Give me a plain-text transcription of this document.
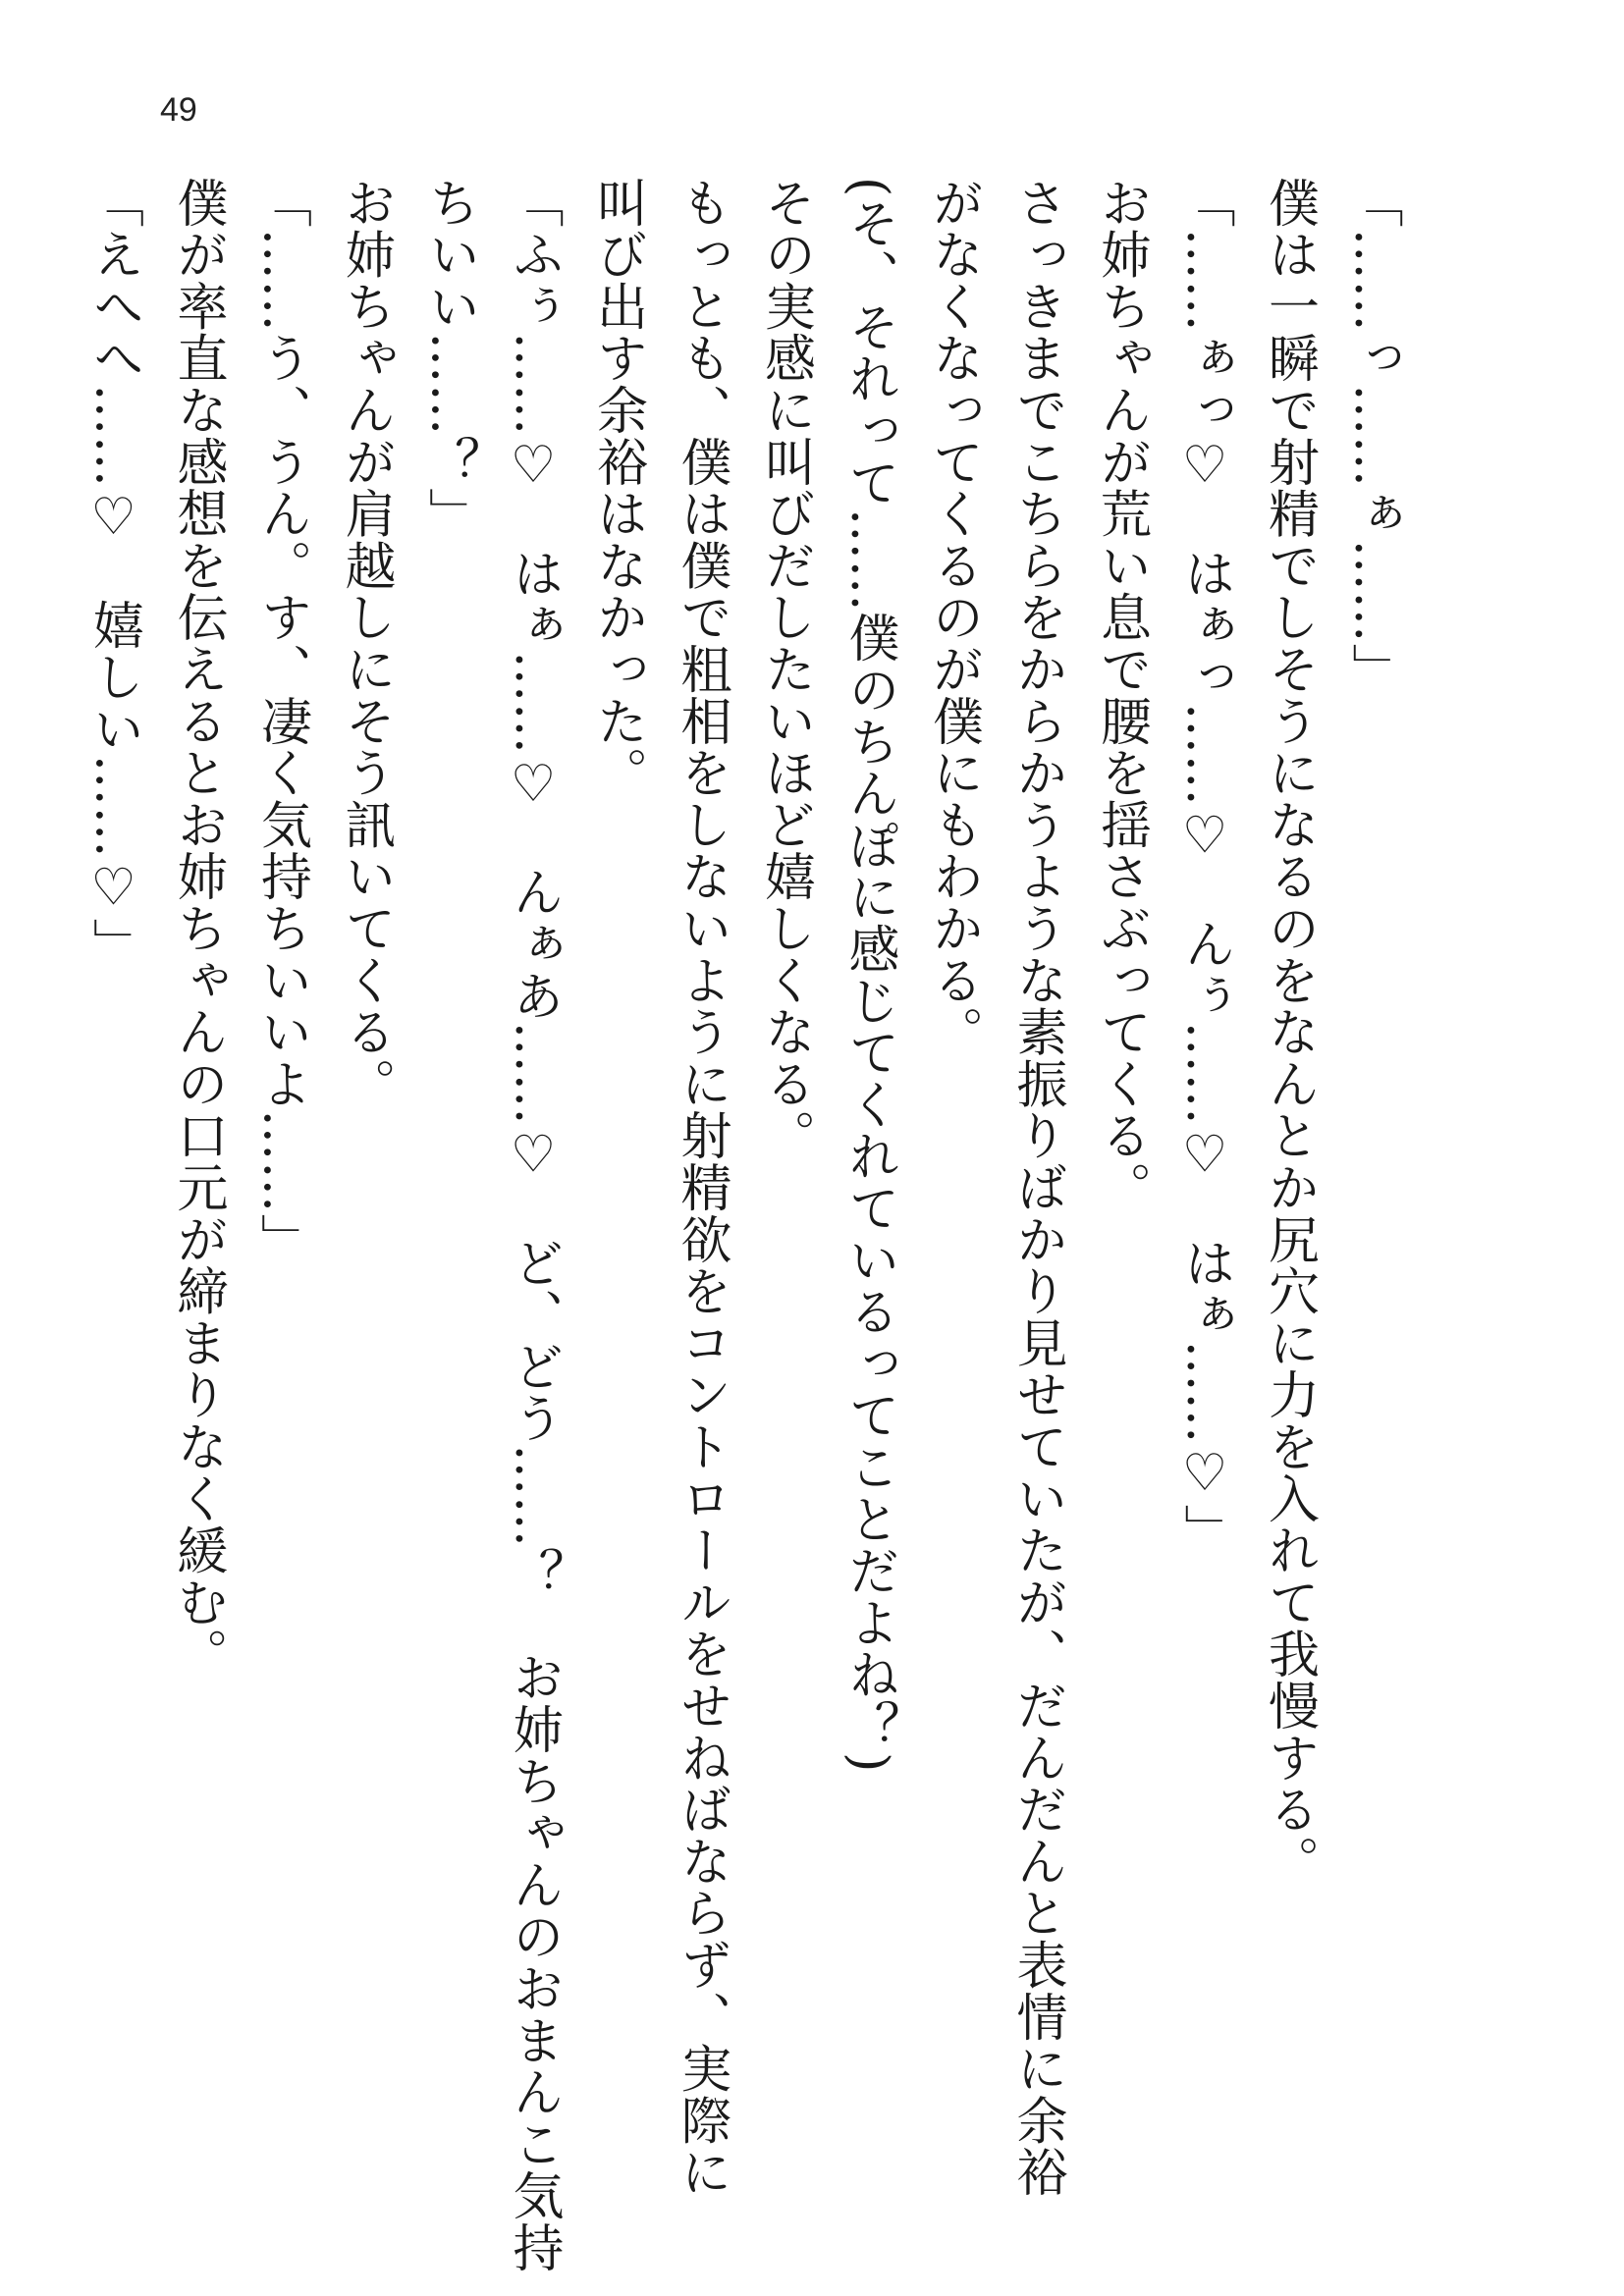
49

「……っ……ぁ……」

僕は一瞬で射精でしそうになるのをなんとか尻穴に力を入れて我慢する。

「……ぁっ♡　はぁっ……♡　んぅ……♡　はぁ……♡」

お姉ちゃんが荒い息で腰を揺さぶってくる。

さっきまでこちらをからかうような素振りばかり見せていたが、だんだんと表情に余裕

がなくなってくるのが僕にもわかる。

(そ、それって……僕のちんぽに感じてくれているってことだよね？)

その実感に叫びだしたいほど嬉しくなる。

もっとも、僕は僕で粗相をしないように射精欲をコントロールをせねばならず、実際に

叫び出す余裕はなかった。

「ふぅ……♡　はぁ……♡　んぁあ……♡　ど、どう……？　お姉ちゃんのおまんこ気持

ちいい……？」

お姉ちゃんが肩越しにそう訊いてくる。

「……う、うん。す、凄く気持ちいいよ……」

僕が率直な感想を伝えるとお姉ちゃんの口元が締まりなく緩む。

「えへへ……♡　嬉しい……♡」
